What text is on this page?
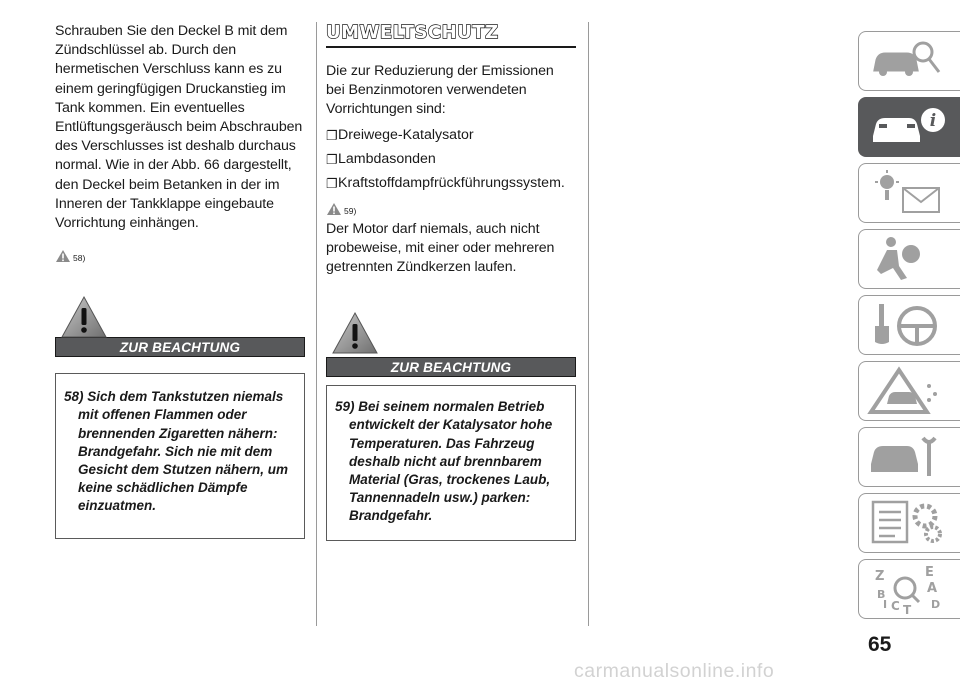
Schrauben Sie den Deckel B mit dem Zündschlüssel ab. Durch den hermetischen Verschluss kann es zu einem geringfügigen Druckanstieg im Tank kommen. Ein eventuelles Entlüftungsgeräusch beim Abschrauben des Verschlusses ist deshalb durchaus normal. Wie in der Abb. 66 dargestellt, den Deckel beim Betanken in der im Inneren der Tankklappe eingebaute Vorrichtung einhängen.

58)
ZUR BEACHTUNG

58) Sich dem Tankstutzen niemals mit offenen Flammen oder brennenden Zigaretten nähern: Brandgefahr. Sich nie mit dem Gesicht dem Stutzen nähern, um keine schädlichen Dämpfe einzuatmen.

UMWELTSCHUTZ

Die zur Reduzierung der Emissionen bei Benzinmotoren verwendeten Vorrichtungen sind:

❐ Dreiwege-Katalysator
❐ Lambdasonden
❐ Kraftstoffdampfrückführungssystem.
59)

Der Motor darf niemals, auch nicht probeweise, mit einer oder mehreren getrennten Zündkerzen laufen.

ZUR BEACHTUNG

59) Bei seinem normalen Betrieb entwickelt der Katalysator hohe Temperaturen. Das Fahrzeug deshalb nicht auf brennbarem Material (Gras, trockenes Laub, Tannennadeln usw.) parken: Brandgefahr.

i
Z	E
A
B
D
I C T
65
carmanualsonline.info
